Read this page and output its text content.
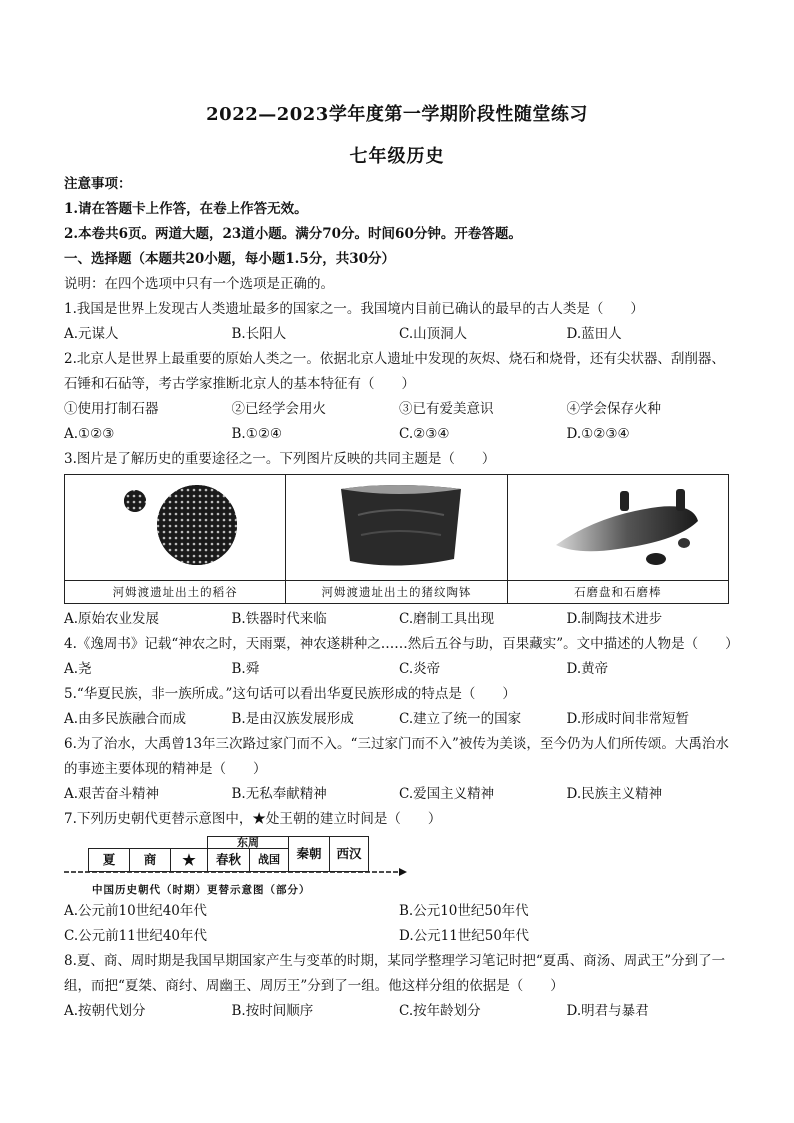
2022—2023学年度第一学期阶段性随堂练习
七年级历史
注意事项：
1.请在答题卡上作答，在卷上作答无效。
2.本卷共6页。两道大题，23道小题。满分70分。时间60分钟。开卷答题。
一、选择题（本题共20小题，每小题1.5分，共30分）
说明：在四个选项中只有一个选项是正确的。
1.我国是世界上发现古人类遗址最多的国家之一。我国境内目前已确认的最早的古人类是（　　）
A.元谋人	B.长阳人	C.山顶洞人	D.蓝田人
2.北京人是世界上最重要的原始人类之一。依据北京人遗址中发现的灰烬、烧石和烧骨，还有尖状器、刮削器、石锤和石砧等，考古学家推断北京人的基本特征有（　　）
①使用打制石器	②已经学会用火	③已有爱美意识	④学会保存火种
A.①②③	B.①②④	C.②③④	D.①②③④
3.图片是了解历史的重要途径之一。下列图片反映的共同主题是（　　）
河姆渡遗址出土的稻谷	河姆渡遗址出土的猪纹陶钵	石磨盘和石磨棒
A.原始农业发展	B.铁器时代来临	C.磨制工具出现	D.制陶技术进步
4.《逸周书》记载“神农之时，天雨粟，神农遂耕种之……然后五谷与助，百果藏实”。文中描述的人物是（　　）
A.尧	B.舜	C.炎帝	D.黄帝
5.“华夏民族，非一族所成。”这句话可以看出华夏民族形成的特点是（　　）
A.由多民族融合而成	B.是由汉族发展形成	C.建立了统一的国家	D.形成时间非常短暂
6.为了治水，大禹曾13年三次路过家门而不入。“三过家门而不入”被传为美谈，至今仍为人们所传颂。大禹治水的事迹主要体现的精神是（　　）
A.艰苦奋斗精神	B.无私奉献精神	C.爱国主义精神	D.民族主义精神
7.下列历史朝代更替示意图中，★处王朝的建立时间是（　　）
夏	商	★
东周
春秋	战国	秦朝	西汉
中国历史朝代（时期）更替示意图（部分）
A.公元前10世纪40年代	B.公元10世纪50年代
C.公元前11世纪40年代	D.公元11世纪50年代
8.夏、商、周时期是我国早期国家产生与变革的时期，某同学整理学习笔记时把“夏禹、商汤、周武王”分到了一组，而把“夏桀、商纣、周幽王、周厉王”分到了一组。他这样分组的依据是（　　）
A.按朝代划分	B.按时间顺序	C.按年龄划分	D.明君与暴君
